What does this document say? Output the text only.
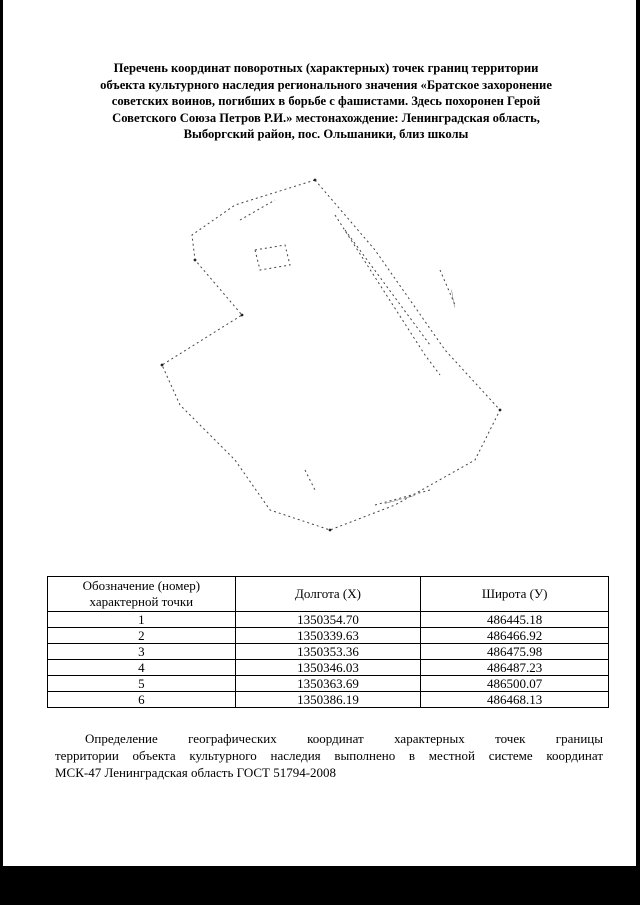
Перечень координат поворотных (характерных) точек границ территории
объекта культурного наследия регионального значения «Братское захоронение
советских воинов, погибших в борьбе с фашистами. Здесь похоронен Герой
Советского Союза Петров Р.И.» местонахождение: Ленинградская область,
Выборгский район, пос. Ольшаники, близ школы
———
——— ——
Обозначение (номер) характерной точки	Долгота (X)	Широта (У)
1	1350354.70	486445.18
2	1350339.63	486466.92
3	1350353.36	486475.98
4	1350346.03	486487.23
5	1350363.69	486500.07
6	1350386.19	486468.13
Определение географических координат характерных точек границы
территории объекта культурного наследия выполнено в местной системе координат
МСК-47 Ленинградская область ГОСТ 51794-2008
